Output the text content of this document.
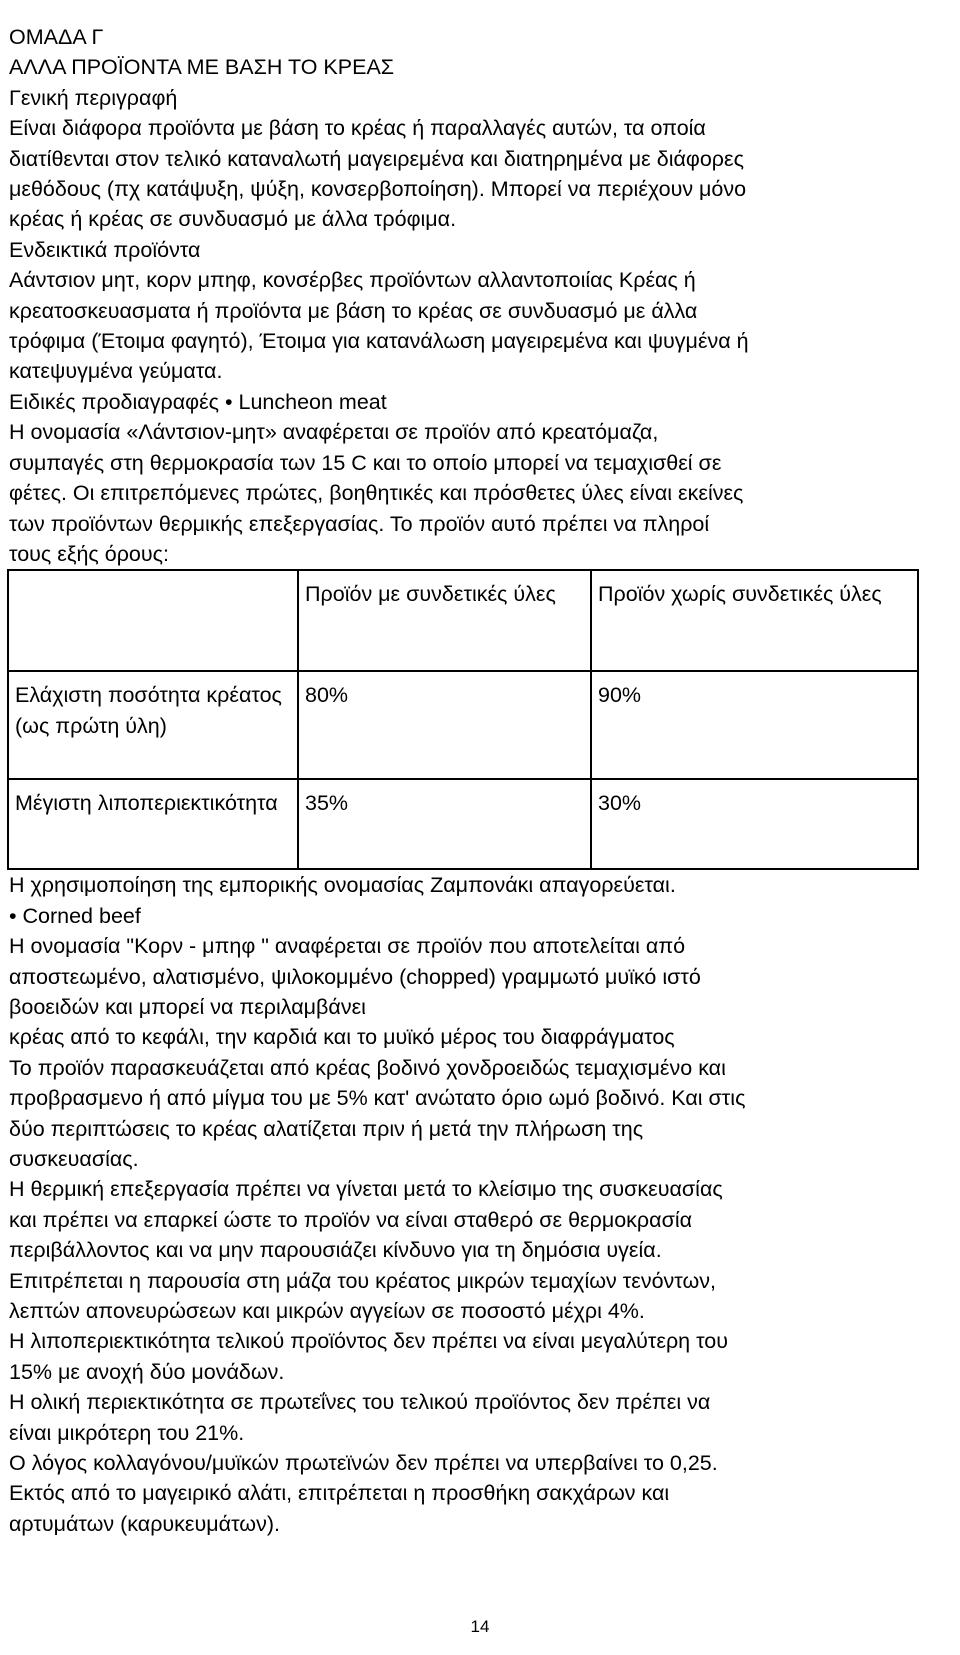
ΟΜΑΔΑ Γ
ΑΛΛΑ ΠΡΟΪΟΝΤΑ ΜΕ ΒΑΣΗ ΤΟ ΚΡΕΑΣ
Γενική περιγραφή
Είναι διάφορα προϊόντα με βάση το κρέας ή παραλλαγές αυτών, τα οποία
διατίθενται στον τελικό καταναλωτή μαγειρεμένα και διατηρημένα με διάφορες
μεθόδους (πχ κατάψυξη, ψύξη, κονσερβοποίηση). Μπορεί να περιέχουν μόνο
κρέας ή κρέας σε συνδυασμό με άλλα τρόφιμα.
Ενδεικτικά προϊόντα
Αάντσιον μητ, κορν μπηφ, κονσέρβες προϊόντων αλλαντοποιίας Κρέας ή
κρεατοσκευασματα ή προϊόντα με βάση το κρέας σε συνδυασμό με άλλα
τρόφιμα (Έτοιμα φαγητό), Έτοιμα για κατανάλωση μαγειρεμένα και ψυγμένα ή
κατεψυγμένα γεύματα.
Ειδικές προδιαγραφές • Luncheon meat
Η ονομασία «Λάντσιον-μητ» αναφέρεται σε προϊόν από κρεατόμαζα,
συμπαγές στη θερμοκρασία των 15 C και το οποίο μπορεί να τεμαχισθεί σε
φέτες. Οι επιτρεπόμενες πρώτες, βοηθητικές και πρόσθετες ύλες είναι εκείνες
των προϊόντων θερμικής επεξεργασίας. Το προϊόν αυτό πρέπει να πληροί
τους εξής όρους:
	Προϊόν με συνδετικές ύλες	Προϊόν χωρίς συνδετικές ύλες
Ελάχιστη ποσότητα κρέατος (ως πρώτη ύλη)	80%	90%
Μέγιστη λιποπεριεκτικότητα	35%	30%
Η χρησιμοποίηση της εμπορικής ονομασίας Ζαμπονάκι απαγορεύεται.
• Corned beef
Η ονομασία "Κορν - μπηφ " αναφέρεται σε προϊόν που αποτελείται από
αποστεωμένο, αλατισμένο, ψιλοκομμένο (chopped) γραμμωτό μυϊκό ιστό
βοοειδών και μπορεί να περιλαμβάνει
κρέας από το κεφάλι, την καρδιά και το μυϊκό μέρος του διαφράγματος
Το προϊόν παρασκευάζεται από κρέας βοδινό χονδροειδώς τεμαχισμένο και
προβρασμενο ή από μίγμα του με 5% κατ' ανώτατο όριο ωμό βοδινό. Και στις
δύο περιπτώσεις το κρέας αλατίζεται πριν ή μετά την πλήρωση της
συσκευασίας.
Η θερμική επεξεργασία πρέπει να γίνεται μετά το κλείσιμο της συσκευασίας
και πρέπει να επαρκεί ώστε το προϊόν να είναι σταθερό σε θερμοκρασία
περιβάλλοντος και να μην παρουσιάζει κίνδυνο για τη δημόσια υγεία.
Επιτρέπεται η παρουσία στη μάζα του κρέατος μικρών τεμαχίων τενόντων,
λεπτών απονευρώσεων και μικρών αγγείων σε ποσοστό μέχρι 4%.
Η λιποπεριεκτικότητα τελικού προϊόντος δεν πρέπει να είναι μεγαλύτερη του
15% με ανοχή δύο μονάδων.
Η ολική περιεκτικότητα σε πρωτεΐνες του τελικού προϊόντος δεν πρέπει να
είναι μικρότερη του 21%.
Ο λόγος κολλαγόνου/μυϊκών πρωτεϊνών δεν πρέπει να υπερβαίνει το 0,25.
Εκτός από το μαγειρικό αλάτι, επιτρέπεται η προσθήκη σακχάρων και
αρτυμάτων (καρυκευμάτων).
14
